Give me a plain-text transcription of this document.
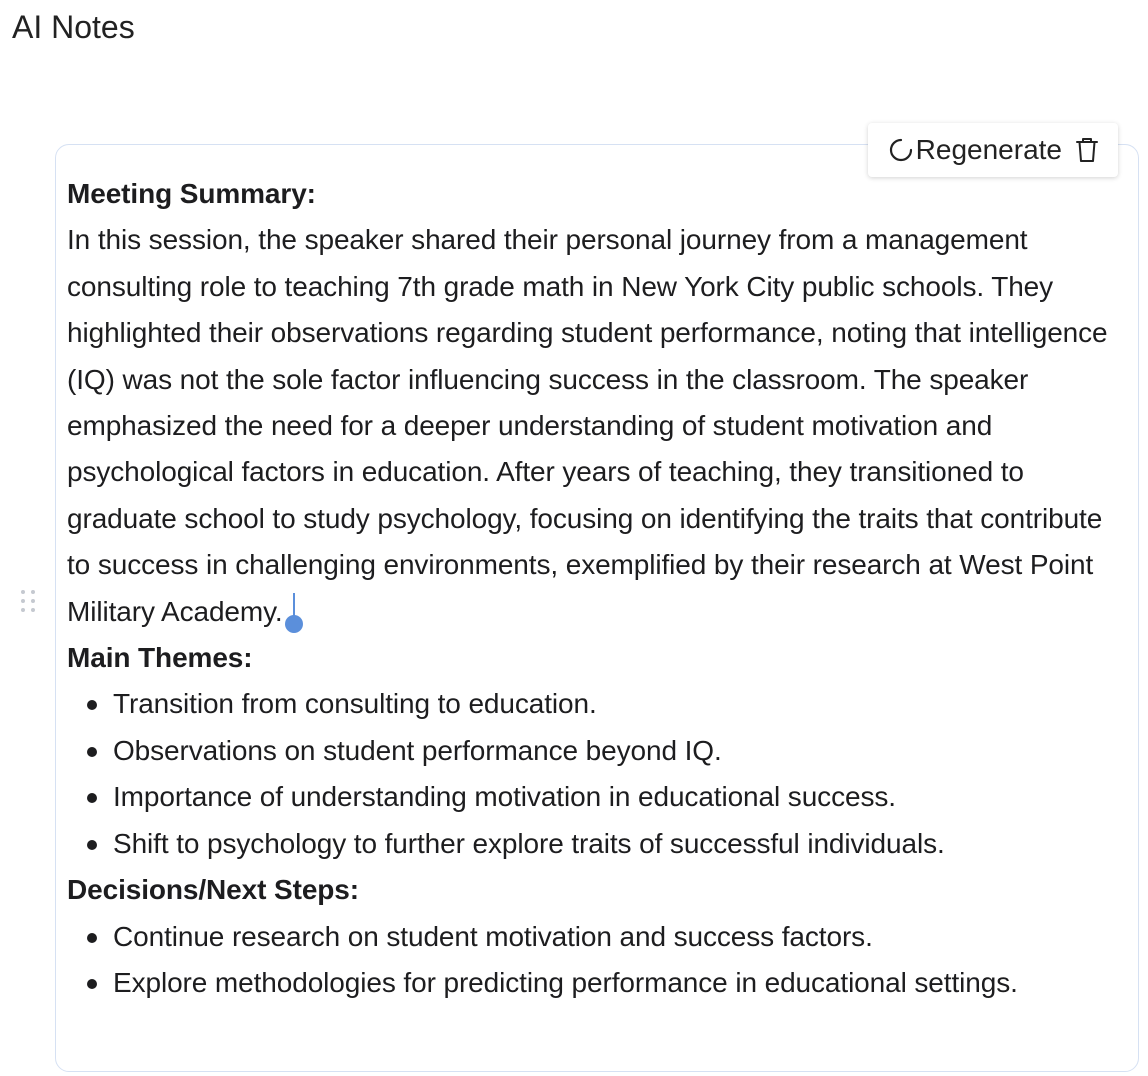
AI Notes
Regenerate

Meeting Summary:

In this session, the speaker shared their personal journey from a management consulting role to teaching 7th grade math in New York City public schools. They highlighted their observations regarding student performance, noting that intelligence (IQ) was not the sole factor influencing success in the classroom. The speaker emphasized the need for a deeper understanding of student motivation and psychological factors in education. After years of teaching, they transitioned to graduate school to study psychology, focusing on identifying the traits that contribute to success in challenging environments, exemplified by their research at West Point Military Academy.

Main Themes:

Transition from consulting to education.
Observations on student performance beyond IQ.
Importance of understanding motivation in educational success.
Shift to psychology to further explore traits of successful individuals.

Decisions/Next Steps:

Continue research on student motivation and success factors.
Explore methodologies for predicting performance in educational settings.
